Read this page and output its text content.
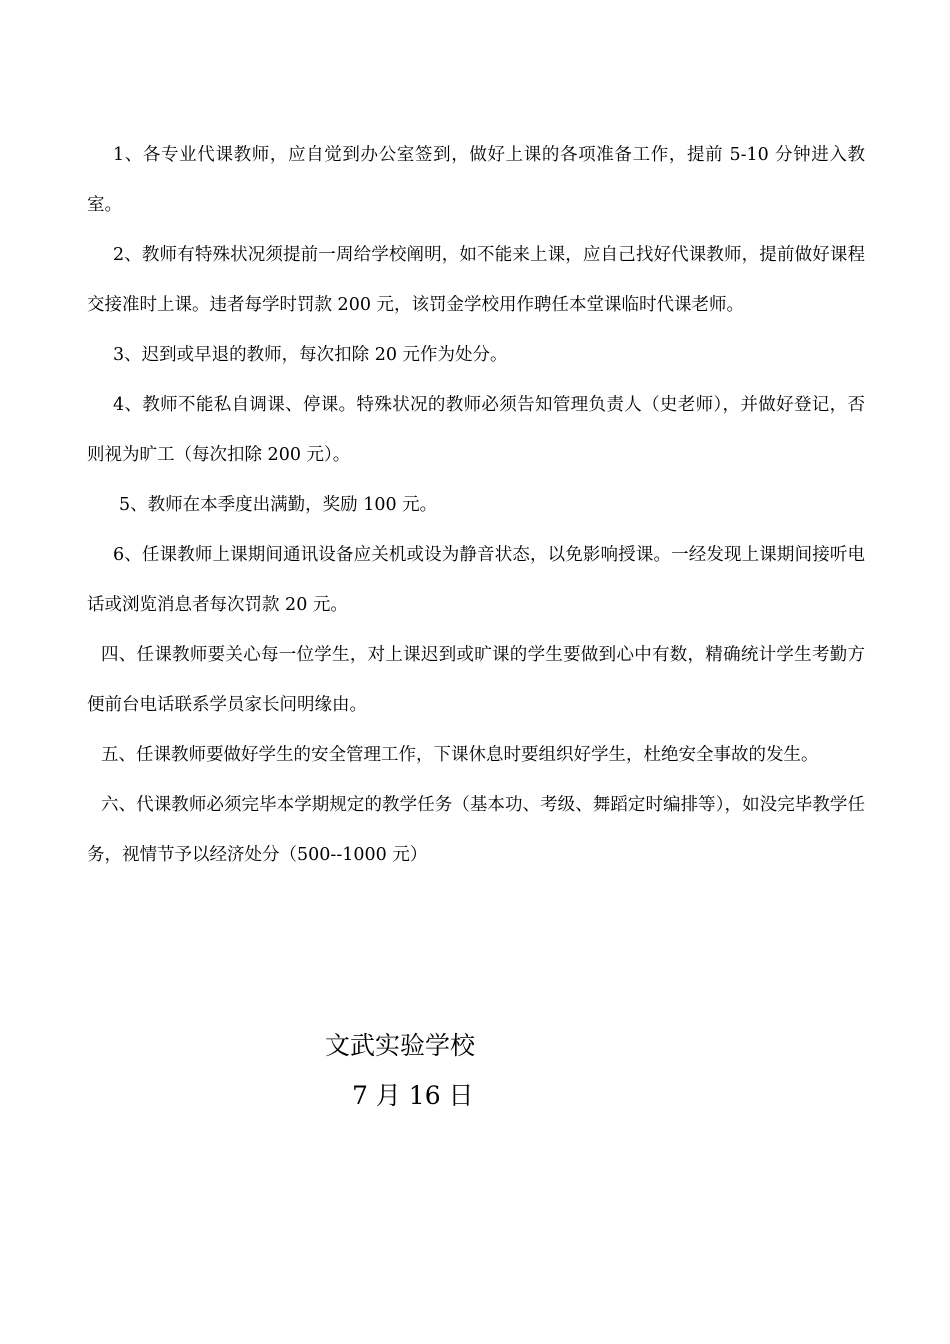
1、各专业代课教师，应自觉到办公室签到，做好上课的各项准备工作，提前 5-10 分钟进入教室。

2、教师有特殊状况须提前一周给学校阐明，如不能来上课，应自己找好代课教师，提前做好课程交接准时上课。违者每学时罚款 200 元，该罚金学校用作聘任本堂课临时代课老师。

3、迟到或早退的教师，每次扣除 20 元作为处分。

4、教师不能私自调课、停课。特殊状况的教师必须告知管理负责人（史老师），并做好登记，否则视为旷工（每次扣除 200 元）。

5、教师在本季度出满勤，奖励 100 元。

6、任课教师上课期间通讯设备应关机或设为静音状态，以免影响授课。一经发现上课期间接听电话或浏览消息者每次罚款 20 元。

四、任课教师要关心每一位学生，对上课迟到或旷课的学生要做到心中有数，精确统计学生考勤方便前台电话联系学员家长问明缘由。

五、任课教师要做好学生的安全管理工作，下课休息时要组织好学生，杜绝安全事故的发生。

六、代课教师必须完毕本学期规定的教学任务（基本功、考级、舞蹈定时编排等），如没完毕教学任务，视情节予以经济处分（500--1000 元）

文武实验学校
7 月 16 日
